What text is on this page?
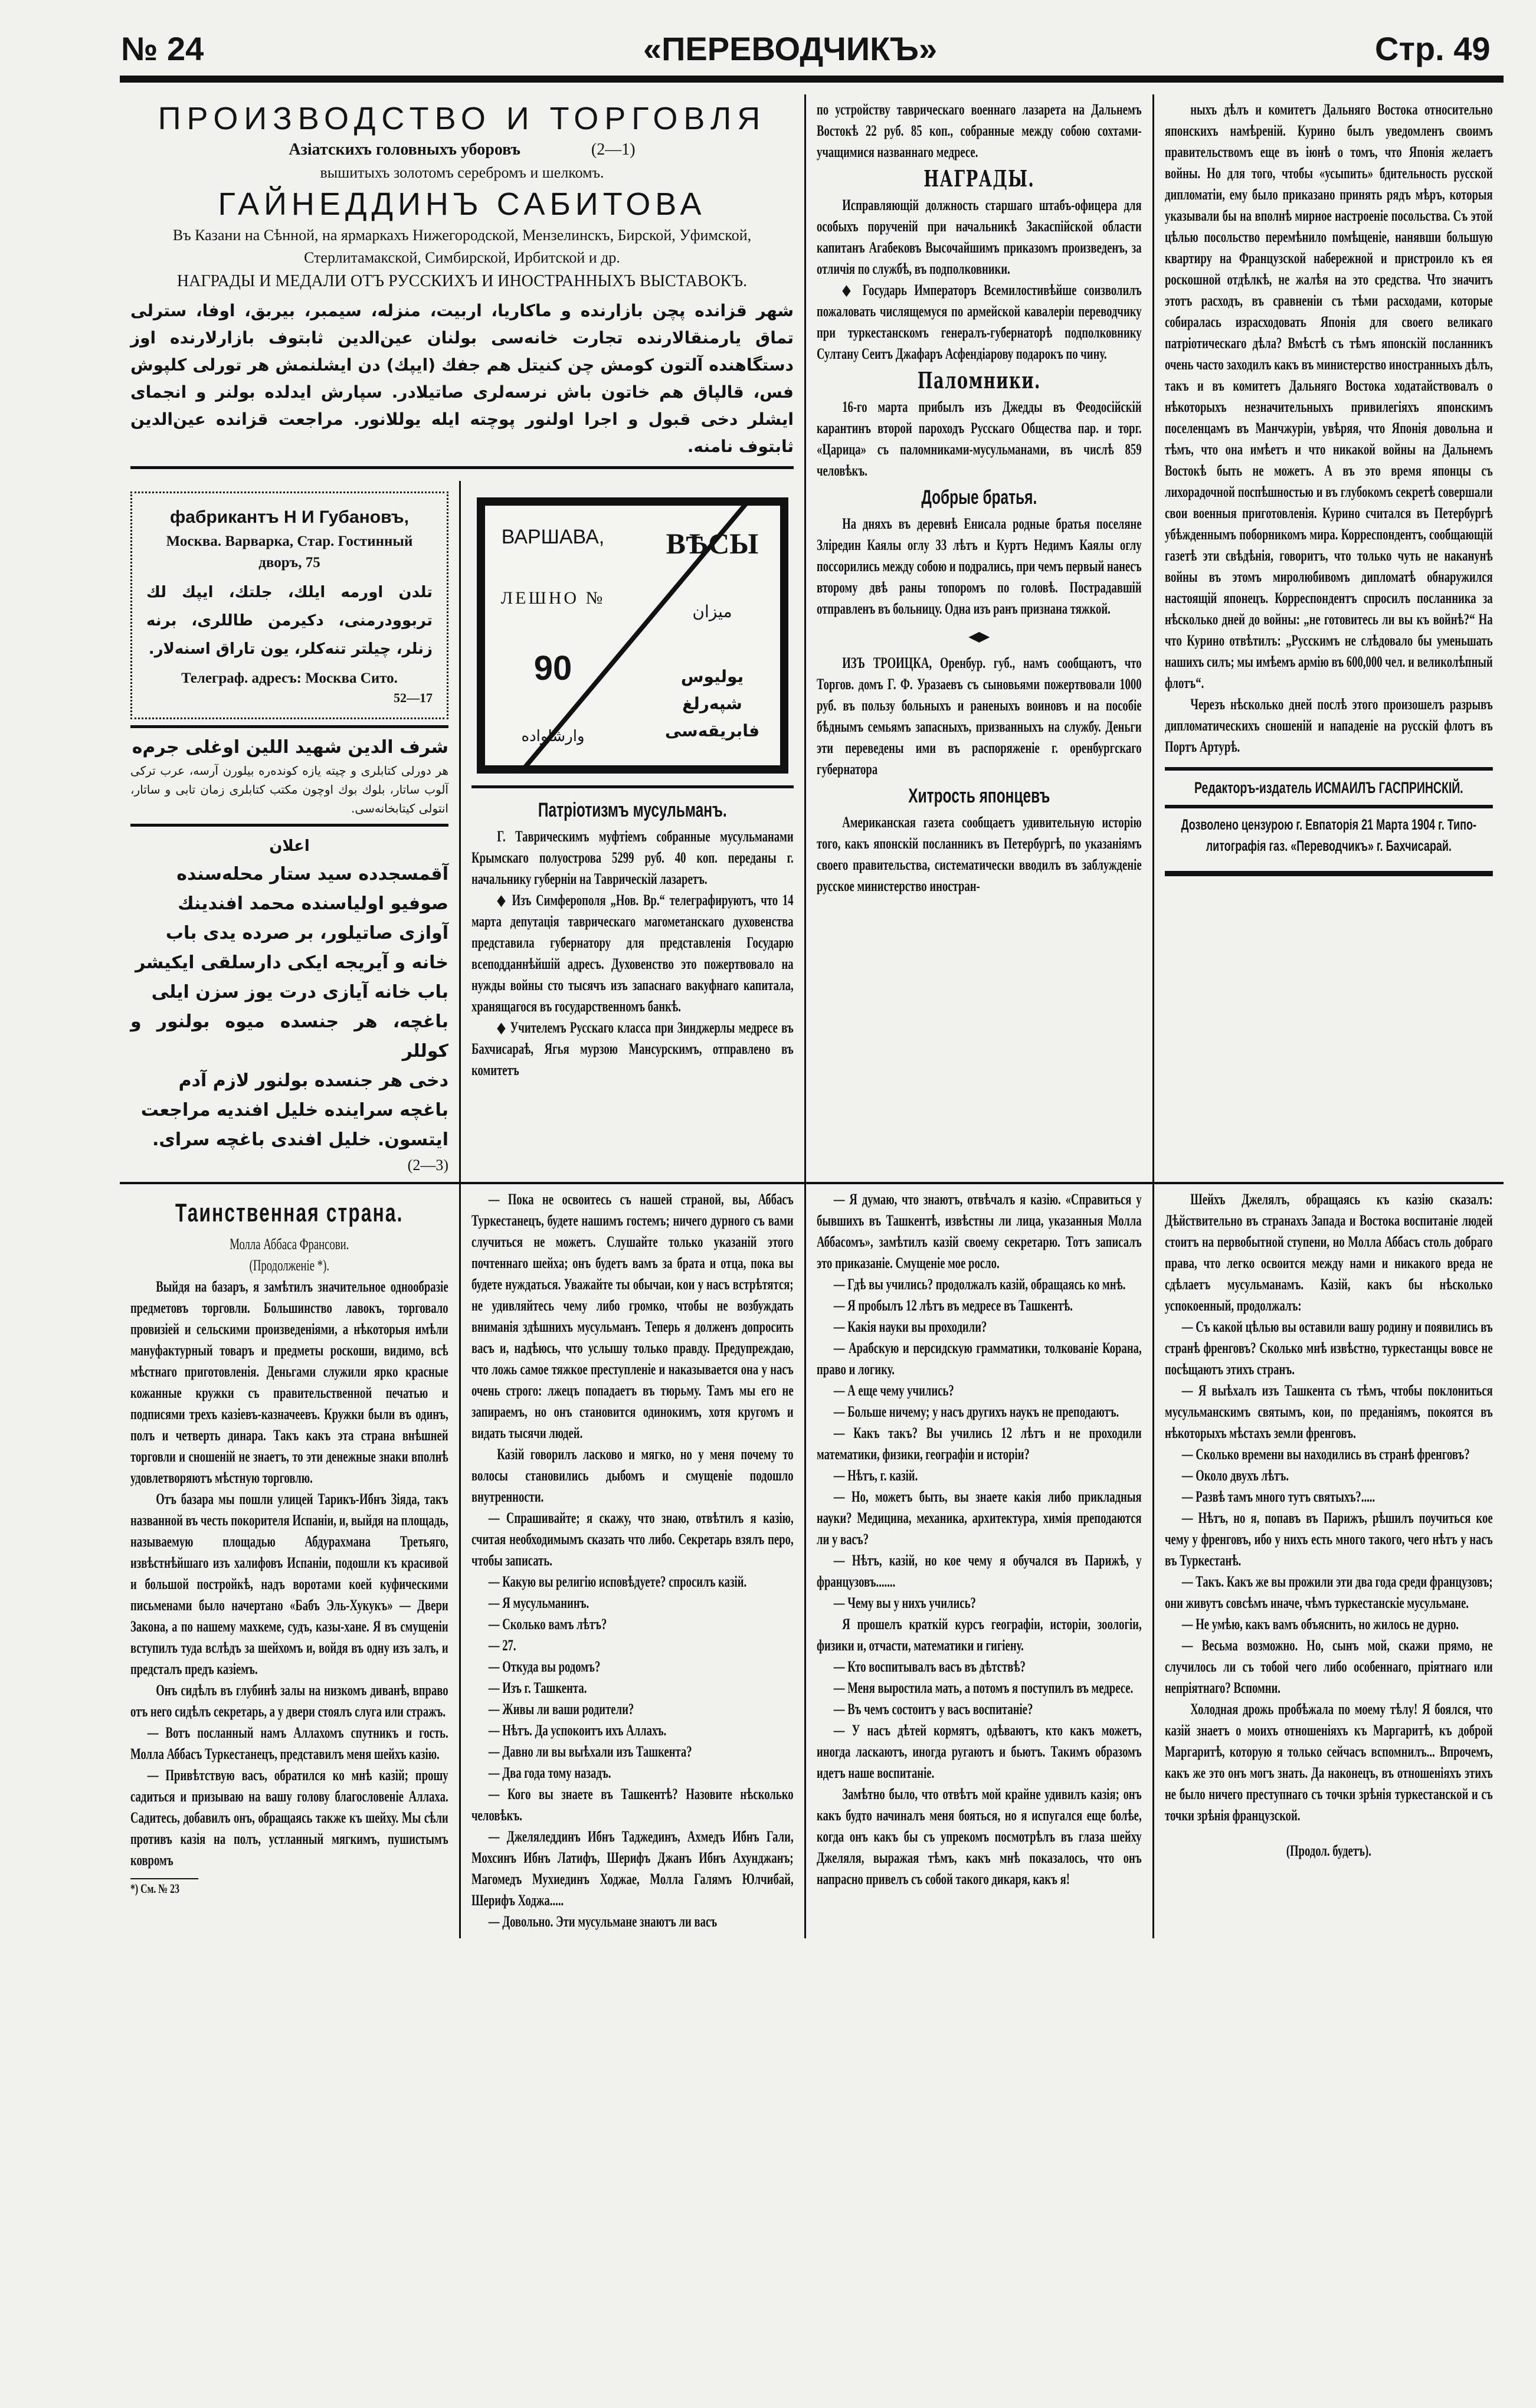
№ 24	«ПЕРЕВОДЧИКЪ»	Стр. 49
ПРОИЗВОДСТВО И ТОРГОВЛЯ
Азіатскихъ головныхъ уборовъ	(2—1)
вышитыхъ золотомъ серебромъ и шелкомъ.
ГАЙНЕДДИНЪ САБИТОВА
Въ Казани на Сѣнной, на ярмаркахъ Нижегородской, Мензелинскъ, Бирской, Уфимской, Стерлитамакской, Симбирской, Ирбитской и др.
НАГРАДЫ И МЕДАЛИ ОТЪ РУССКИХЪ И ИНОСТРАННЫХЪ ВЫСТАВОКЪ.
شهر قزانده پچن بازارنده و ماكاريا، اربيت، منزله، سيمبر، بيربق، اوفا، سترلی تماق يارمنقالارنده تجارت خانه‌سی بولنان عين‌الدين ثابتوف بازارلارنده اوز دستگاهنده آلتون كومش چن كنيتل هم جفك (ايپك) دن ايشلنمش هر تورلی كلپوش فس، قالپاق هم خاتون باش نرسه‌لری صاتیلادر. سپارش ايدلده بولنر و انجمای ايشلر دخی قبول و اجرا اولنور پوچته ايله يوللانور. مراجعت قزانده عين‌الدين ثابتوف نامنه.
фабрикантъ Н И Губановъ,
Москва. Варварка, Стар. Гостинный дворъ, 75
تلدن اورمه ايلك، جلتك، ايپك لك تربوودرمنی، دكيرمن طاللری، برنه زنلر، چيلتر تنه‌كلر، يون تاراق اسنه‌لار.
Телеграф. адресъ: Москва Сито.
52—17
شرف الدين شهيد اللين اوغلى جرم‌ه
هر دورلی كتابلری و چيته يازه كونده‌ره بيلورن آرسه، عرب تركی آلوب ساتار، بلوك بوك اوچون مكتب كتابلری زمان تابی و ساتار، انتولی كيتابخانه‌سی.
اعلان
آقمسجدده سید ستار محله‌سنده
صوفیو اولیاسنده محمد افندينك
آوازی صاتیلور، بر صرده يدی باب
خانه و آيريجه ايكی دارسلقی ايكيشر
باب خانه آيازی درت يوز سزن ايلی
باغچه، هر جنسده ميوه بولنور و كوللر
دخی هر جنسده بولنور لازم آدم
باغچه سراينده خليل افنديه مراجعت
ايتسون. خليل افندی باغچه سرای.
(2—3)
ВАРШАВА,
ЛЕШНО №
90
وارشاواده
ВѢСЫ
ميزان
يوليوس شپه‌رلغ فابريقه‌سی
Патріотизмъ мусульманъ.

Г. Таврическимъ муфтіемъ собранные мусульманами Крымскаго полуострова 5299 руб. 40 коп. переданы г. начальнику губерніи на Таврическій лазаретъ.

◆ Изъ Симферополя „Нов. Вр.“ телеграфируютъ, что 14 марта депутація таврическаго магометанскаго духовенства представила губернатору для представленія Государю всеподданнѣйшій адресъ. Духовенство это пожертвовало на нужды войны сто тысячъ изъ запаснаго вакуфнаго капитала, хранящагося въ государственномъ банкѣ.

◆ Учителемъ Русскаго класса при Зинджерлы медресе въ Бахчисараѣ, Ягья мурзою Мансурскимъ, отправлено въ комитетъ

по устройству таврическаго военнаго лазарета на Дальнемъ Востокѣ 22 руб. 85 коп., собранные между собою сохтами-учащимися названнаго медресе.

НАГРАДЫ.

Исправляющій должность старшаго штабъ-офицера для особыхъ порученій при начальникѣ Закаспійской области капитанъ Агабековъ Высочайшимъ приказомъ произведенъ, за отличія по службѣ, въ подполковники.

◆ Государь Императоръ Всемилостивѣйше соизволилъ пожаловать числящемуся по армейской кавалеріи переводчику при туркестанскомъ генералъ-губернаторѣ подполковнику Султану Сеитъ Джафаръ Асфендіарову подарокъ по чину.

Паломники.

16-го марта прибылъ изъ Джедды въ Феодосійскій карантинъ второй пароходъ Русскаго Общества пар. и торг. «Царица» съ паломниками-мусульманами, въ числѣ 859 человѣкъ.

Добрые братья.

На дняхъ въ деревнѣ Енисала родные братья поселяне Зліредин Каялы оглу 33 лѣтъ и Куртъ Недимъ Каялы оглу поссорились между собою и подрались, при чемъ первый нанесъ второму двѣ раны топоромъ по головѣ. Пострадавшій отправленъ въ больницу. Одна изъ ранъ признана тяжкой.

ИЗЪ ТРОИЦКА, Оренбур. губ., намъ сообщаютъ, что Торгов. домъ Г. Ф. Уразаевъ съ сыновьями пожертвовали 1000 руб. въ пользу больныхъ и раненыхъ воиновъ и на пособіе бѣднымъ семьямъ запасныхъ, призванныхъ на службу. Деньги эти переведены ими въ распоряженіе г. оренбургскаго губернатора

Хитрость японцевъ

Американская газета сообщаетъ удивительную исторію того, какъ японскій посланникъ въ Петербургѣ, по указаніямъ своего правительства, систематически вводилъ въ заблужденіе русское министерство иностран-

ныхъ дѣлъ и комитетъ Дальняго Востока относительно японскихъ намѣреній. Курино былъ уведомленъ своимъ правительствомъ еще въ іюнѣ о томъ, что Японія желаетъ войны. Но для того, чтобы «усыпить» бдительность русской дипломатіи, ему было приказано принять рядъ мѣръ, которыя указывали бы на вполнѣ мирное настроеніе посольства. Съ этой цѣлью посольство перемѣнило помѣщеніе, нанявши большую квартиру на Французской набережной и пристроило къ ея роскошной отдѣлкѣ, не жалѣя на это средства. Что значитъ этотъ расходъ, въ сравненіи съ тѣми расходами, которые собиралась израсходовать Японія для своего великаго патріотическаго дѣла? Вмѣстѣ съ тѣмъ японскій посланникъ очень часто заходилъ какъ въ министерство иностранныхъ дѣлъ, такъ и въ комитетъ Дальняго Востока ходатайствовалъ о нѣкоторыхъ незначительныхъ привилегіяхъ японскимъ поселенцамъ въ Манчжуріи, увѣряя, что Японія довольна и тѣмъ, что она имѣетъ и что никакой войны на Дальнемъ Востокѣ быть не можетъ. А въ это время японцы съ лихорадочной поспѣшностью и въ глубокомъ секретѣ совершали свои военныя приготовленія. Курино считался въ Петербургѣ убѣжденнымъ поборникомъ мира. Корреспондентъ, сообщающій газетѣ эти свѣдѣнія, говоритъ, что только чуть не наканунѣ войны въ этомъ миролюбивомъ дипломатѣ обнаружился настоящій японецъ. Корреспондентъ спросилъ посланника за нѣсколько дней до войны: „не готовитесь ли вы къ войнѣ?“ На что Курино отвѣтилъ: „Русскимъ не слѣдовало бы уменьшать нашихъ силъ; мы имѣемъ армію въ 600,000 чел. и великолѣпный флотъ“.

Черезъ нѣсколько дней послѣ этого произошелъ разрывъ дипломатическихъ сношеній и нападеніе на русскій флотъ въ Портъ Артурѣ.

Редакторъ-издатель ИСМАИЛЪ ГАСПРИНСКІЙ.
Дозволено цензурою г. Евпаторія 21 Марта 1904 г. Типо-литографія газ. «Переводчикъ» г. Бахчисарай.
Таинственная страна.
Молла Аббаса Франсови.
(Продолженіе *).

Выйдя на базаръ, я замѣтилъ значительное однообразіе предметовъ торговли. Большинство лавокъ, торговало провизіей и сельскими произведеніями, а нѣкоторыя имѣли мануфактурный товаръ и предметы роскоши, видимо, всѣ мѣстнаго приготовленія. Деньгами служили ярко красные кожанные кружки съ правительственной печатью и подписями трехъ казіевъ-казначеевъ. Кружки были въ одинъ, полъ и четверть динара. Такъ какъ эта страна внѣшней торговли и сношеній не знаетъ, то эти денежные знаки вполнѣ удовлетворяютъ мѣстную торговлю.

Отъ базара мы пошли улицей Тарикъ-Ибнъ Зіяда, такъ названной въ честь покорителя Испаніи, и, выйдя на площадь, называемую площадью Абдурахмана Третьяго, извѣстнѣйшаго изъ халифовъ Испаніи, подошли къ красивой и большой постройкѣ, надъ воротами коей куфическими письменами было начертано «Бабъ Эль-Хукукъ» — Двери Закона, а по нашему махкеме, судъ, казы-хане. Я въ смущеніи вступилъ туда вслѣдъ за шейхомъ и, войдя въ одну изъ залъ, и предсталъ предъ казіемъ.

Онъ сидѣлъ въ глубинѣ залы на низкомъ диванѣ, вправо отъ него сидѣлъ секретарь, а у двери стоялъ слуга или стражъ.

— Вотъ посланный намъ Аллахомъ спутникъ и гость. Молла Аббасъ Туркестанецъ, представилъ меня шейхъ казію.

— Привѣтствую васъ, обратился ко мнѣ казій; прошу садиться и призываю на вашу голову благословеніе Аллаха. Садитесь, добавилъ онъ, обращаясь также къ шейху. Мы сѣли противъ казія на полъ, устланный мягкимъ, пушистымъ ковромъ

*) См. № 23

— Пока не освоитесь съ нашей страной, вы, Аббасъ Туркестанецъ, будете нашимъ гостемъ; ничего дурного съ вами случиться не можетъ. Слушайте только указаній этого почтеннаго шейха; онъ будетъ вамъ за брата и отца, пока вы будете нуждаться. Уважайте ты обычаи, кои у насъ встрѣтятся; не удивляйтесь чему либо громко, чтобы не возбуждать вниманія здѣшнихъ мусульманъ. Теперь я долженъ допросить васъ и, надѣюсь, что услышу только правду. Предупреждаю, что ложь самое тяжкое преступленіе и наказывается она у насъ очень строго: лжецъ попадаетъ въ тюрьму. Тамъ мы его не запираемъ, но онъ становится одинокимъ, хотя кругомъ и видать тысячи людей.

Казій говорилъ ласково и мягко, но у меня почему то волосы становились дыбомъ и смущеніе подошло внутренности.

— Спрашивайте; я скажу, что знаю, отвѣтилъ я казію, считая необходимымъ сказать что либо. Секретарь взялъ перо, чтобы записать.

— Какую вы религію исповѣдуете? спросилъ казій.

— Я мусульманинъ.

— Сколько вамъ лѣтъ?

— 27.

— Откуда вы родомъ?

— Изъ г. Ташкента.

— Живы ли ваши родители?

— Нѣтъ. Да успокоитъ ихъ Аллахъ.

— Давно ли вы выѣхали изъ Ташкента?

— Два года тому назадъ.

— Кого вы знаете въ Ташкентѣ? Назовите нѣсколько человѣкъ.

— Джеляледдинъ Ибнъ Таджединъ, Ахмедъ Ибнъ Гали, Мохсинъ Ибнъ Латифъ, Шерифъ Джанъ Ибнъ Ахунджанъ; Магомедъ Мухиединъ Ходжае, Молла Галямъ Юлчибай, Шерифъ Ходжа.....

— Довольно. Эти мусульмане знаютъ ли васъ

— Я думаю, что знаютъ, отвѣчалъ я казію. «Справиться у бывшихъ въ Ташкентѣ, извѣстны ли лица, указанныя Молла Аббасомъ», замѣтилъ казій своему секретарю. Тотъ записалъ это приказаніе. Смущеніе мое росло.

— Гдѣ вы учились? продолжалъ казій, обращаясь ко мнѣ.

— Я пробылъ 12 лѣтъ въ медресе въ Ташкентѣ.

— Какія науки вы проходили?

— Арабскую и персидскую грамматики, толкованіе Корана, право и логику.

— А еще чему учились?

— Больше ничему; у насъ другихъ наукъ не преподаютъ.

— Какъ такъ? Вы учились 12 лѣтъ и не проходили математики, физики, географіи и исторіи?

— Нѣтъ, г. казій.

— Но, можетъ быть, вы знаете какія либо прикладныя науки? Медицина, механика, архитектура, химія преподаются ли у васъ?

— Нѣтъ, казій, но кое чему я обучался въ Парижѣ, у французовъ.......

— Чему вы у нихъ учились?

Я прошелъ краткій курсъ географіи, исторіи, зоологіи, физики и, отчасти, математики и гигіену.

— Кто воспитывалъ васъ въ дѣтствѣ?

— Меня выростила мать, а потомъ я поступилъ въ медресе.

— Въ чемъ состоитъ у васъ воспитаніе?

— У насъ дѣтей кормятъ, одѣваютъ, кто какъ можетъ, иногда ласкаютъ, иногда ругаютъ и бьютъ. Такимъ образомъ идетъ наше воспитаніе.

Замѣтно было, что отвѣтъ мой крайне удивилъ казія; онъ какъ будто начиналъ меня бояться, но я испугался еще болѣе, когда онъ какъ бы съ упрекомъ посмотрѣлъ въ глаза шейху Джеляля, выражая тѣмъ, какъ мнѣ показалось, что онъ напрасно привелъ съ собой такого дикаря, какъ я!

Шейхъ Джелялъ, обращаясь къ казію сказалъ: Дѣйствительно въ странахъ Запада и Востока воспитаніе людей стоитъ на первобытной ступени, но Молла Аббасъ столь добраго права, что легко освоится между нами и никакого вреда не сдѣлаетъ мусульманамъ. Казій, какъ бы нѣсколько успокоенный, продолжалъ:

— Съ какой цѣлью вы оставили вашу родину и появились въ странѣ френговъ? Сколько мнѣ извѣстно, туркестанцы вовсе не посѣщаютъ этихъ странъ.

— Я выѣхалъ изъ Ташкента съ тѣмъ, чтобы поклониться мусульманскимъ святымъ, кои, по преданіямъ, покоятся въ нѣкоторыхъ мѣстахъ земли френговъ.

— Сколько времени вы находились въ странѣ френговъ?

— Около двухъ лѣтъ.

— Развѣ тамъ много тутъ святыхъ?.....

— Нѣтъ, но я, попавъ въ Парижъ, рѣшилъ поучиться кое чему у френговъ, ибо у нихъ есть много такого, чего нѣтъ у насъ въ Туркестанѣ.

— Такъ. Какъ же вы прожили эти два года среди французовъ; они живутъ совсѣмъ иначе, чѣмъ туркестанскіе мусульмане.

— Не умѣю, какъ вамъ объяснить, но жилось не дурно.

— Весьма возможно. Но, сынъ мой, скажи прямо, не случилось ли съ тобой чего либо особеннаго, пріятнаго или непріятнаго? Вспомни.

Холодная дрожь пробѣжала по моему тѣлу! Я боялся, что казій знаетъ о моихъ отношеніяхъ къ Маргаритѣ, къ доброй Маргаритѣ, которую я только сейчасъ вспомнилъ... Впрочемъ, какъ же это онъ могъ знать. Да наконецъ, въ отношеніяхъ этихъ не было ничего преступнаго съ точки зрѣнія туркестанской и съ точки зрѣнія французской.

(Продол. будетъ).
